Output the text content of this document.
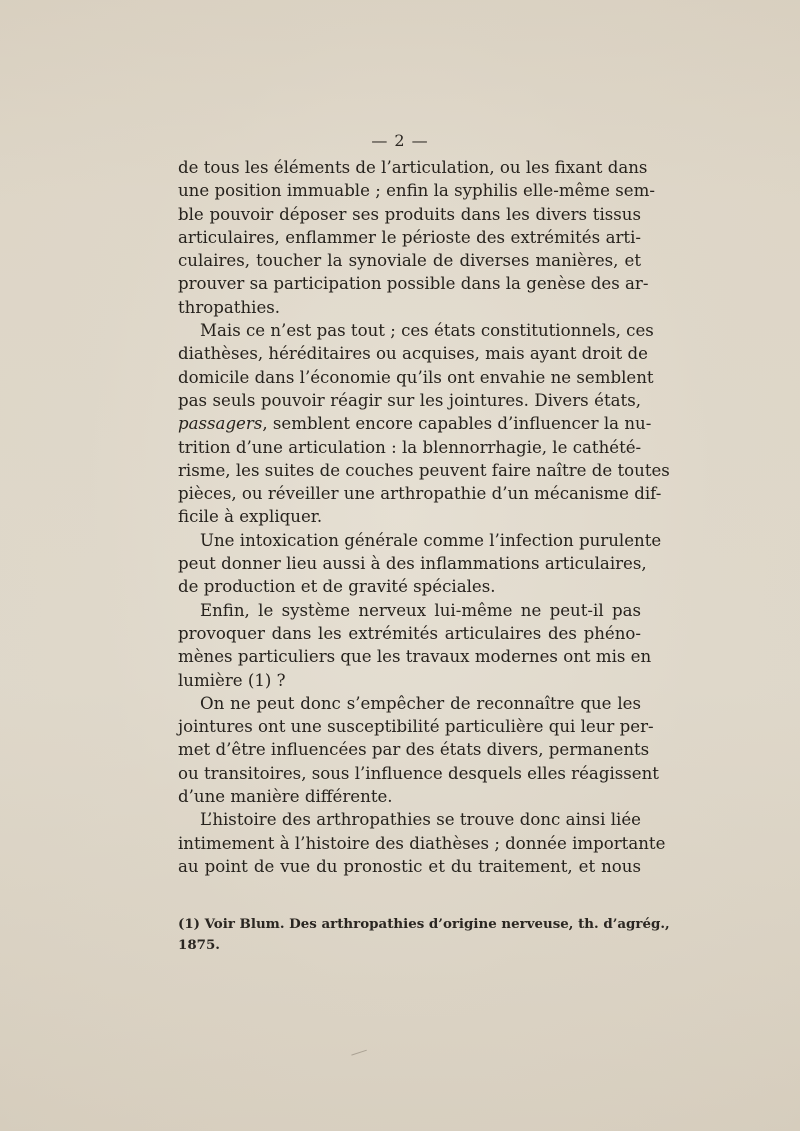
— 2 —
de tous les éléments de l’articulation, ou les fixant dans
une position immuable ; enfin la syphilis elle-même sem-
ble pouvoir déposer ses produits dans les divers tissus
articulaires, enflammer le périoste des extrémités arti-
culaires, toucher la synoviale de diverses manières, et
prouver sa participation possible dans la genèse des ar-
thropathies.
Mais ce n’est pas tout ; ces états constitutionnels, ces
diathèses, héréditaires ou acquises, mais ayant droit de
domicile dans l’économie qu’ils ont envahie ne semblent
pas seuls pouvoir réagir sur les jointures. Divers états,
passagers, semblent encore capables d’influencer la nu-
trition d’une articulation : la blennorrhagie, le cathété-
risme, les suites de couches peuvent faire naître de toutes
pièces, ou réveiller une arthropathie d’un mécanisme dif-
ficile à expliquer.
Une intoxication générale comme l’infection purulente
peut donner lieu aussi à des inflammations articulaires,
de production et de gravité spéciales.
Enfin, le système nerveux lui-même ne peut-il pas
provoquer dans les extrémités articulaires des phéno-
mènes particuliers que les travaux modernes ont mis en
lumière (1) ?
On ne peut donc s’empêcher de reconnaître que les
jointures ont une susceptibilité particulière qui leur per-
met d’être influencées par des états divers, permanents
ou transitoires, sous l’influence desquels elles réagissent
d’une manière différente.
L’histoire des arthropathies se trouve donc ainsi liée
intimement à l’histoire des diathèses ; donnée importante
au point de vue du pronostic et du traitement, et nous
(1) Voir Blum. Des arthropathies d’origine nerveuse, th. d’agrég.,
1875.
